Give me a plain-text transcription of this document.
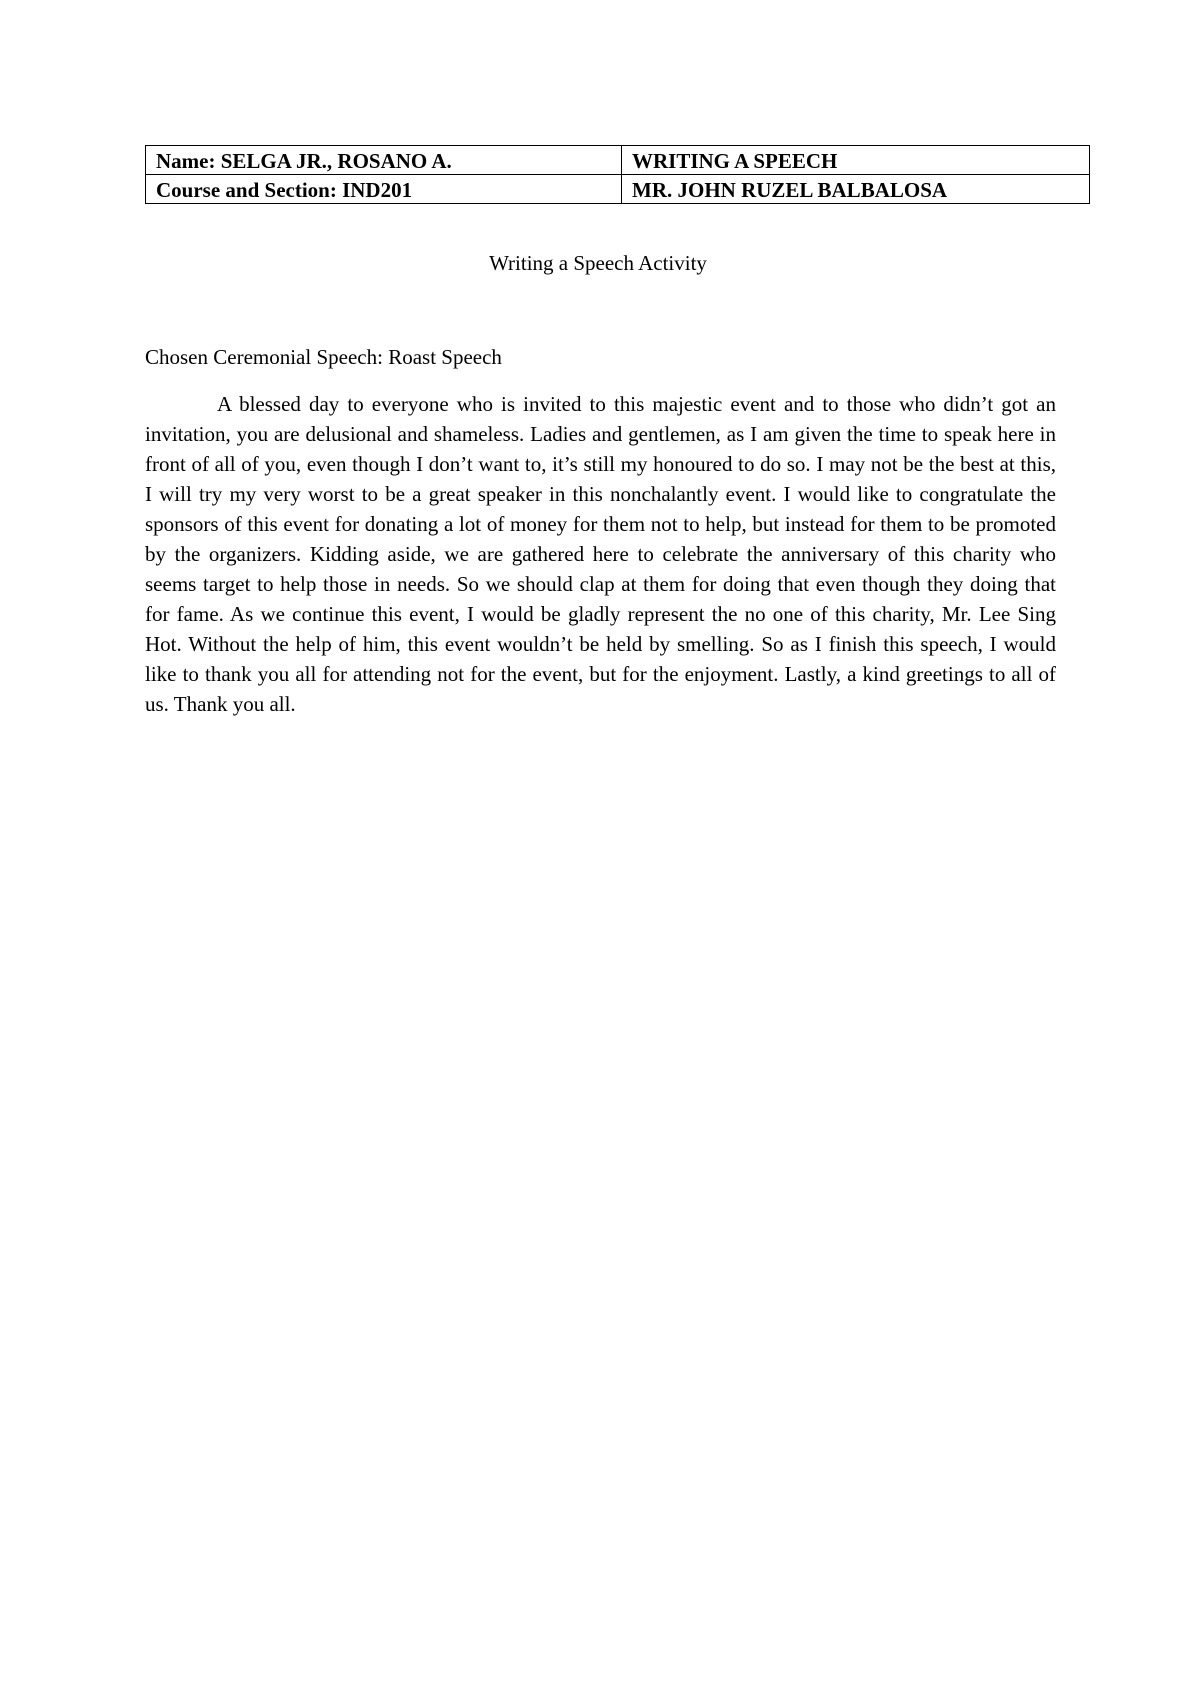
Name: SELGA JR., ROSANO A.	WRITING A SPEECH
Course and Section: IND201	MR. JOHN RUZEL BALBALOSA

Writing a Speech Activity

Chosen Ceremonial Speech: Roast Speech

A blessed day to everyone who is invited to this majestic event and to those who didn’t got an invitation, you are delusional and shameless. Ladies and gentlemen, as I am given the time to speak here in front of all of you, even though I don’t want to, it’s still my honoured to do so. I may not be the best at this, I will try my very worst to be a great speaker in this nonchalantly event. I would like to congratulate the sponsors of this event for donating a lot of money for them not to help, but instead for them to be promoted by the organizers. Kidding aside, we are gathered here to celebrate the anniversary of this charity who seems target to help those in needs. So we should clap at them for doing that even though they doing that for fame. As we continue this event, I would be gladly represent the no one of this charity, Mr. Lee Sing Hot. Without the help of him, this event wouldn’t be held by smelling. So as I finish this speech, I would like to thank you all for attending not for the event, but for the enjoyment. Lastly, a kind greetings to all of us. Thank you all.
